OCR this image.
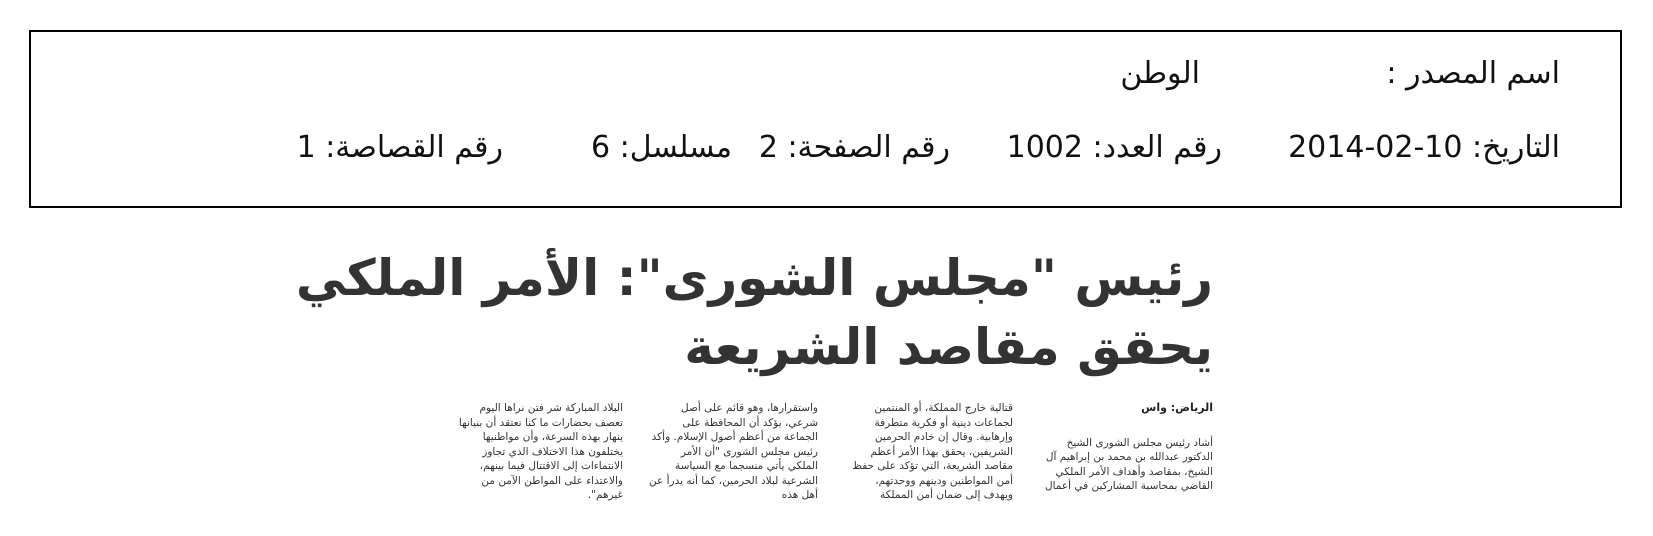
اسم المصدر :
الوطن
التاريخ: 10-02-2014
رقم العدد: 1002
رقم الصفحة: 2
مسلسل: 6
رقم القصاصة: 1
رئيس "مجلس الشورى": الأمر الملكي
يحقق مقاصد الشريعة

الرياض: واس

أشاد رئيس مجلس الشورى الشيخ الدكتور عبدالله بن محمد بن إبراهيم آل الشيخ، بمقاصد وأهداف الأمر الملكي القاضي بمحاسبة المشاركين في أعمال

قتالية خارج المملكة، أو المنتمين لجماعات دينية أو فكرية متطرفة وإرهابية. وقال إن خادم الحرمين الشريفين، يحقق بهذا الأمر أعظم مقاصد الشريعة، التي تؤكد على حفظ أمن المواطنين ودينهم ووحدتهم، ويهدف إلى ضمان أمن المملكة

واستقرارها، وهو قائم على أصل شرعي، يؤكد أن المحافظة على الجماعة من أعظم أصول الإسلام. وأكد رئيس مجلس الشورى "أن الأمر الملكي يأتي منسجما مع السياسة الشرعية لبلاد الحرمين، كما أنه يدرأ عن أهل هذه

البلاد المباركة شر فتن نراها اليوم تعصف بحضارات ما كنا نعتقد أن بنيانها ينهار بهذه السرعة، وأن مواطنيها يختلفون هذا الاختلاف الذي تجاوز الانتماءات إلى الاقتتال فيما بينهم، والاعتداء على المواطن الآمن من غيرهم".
